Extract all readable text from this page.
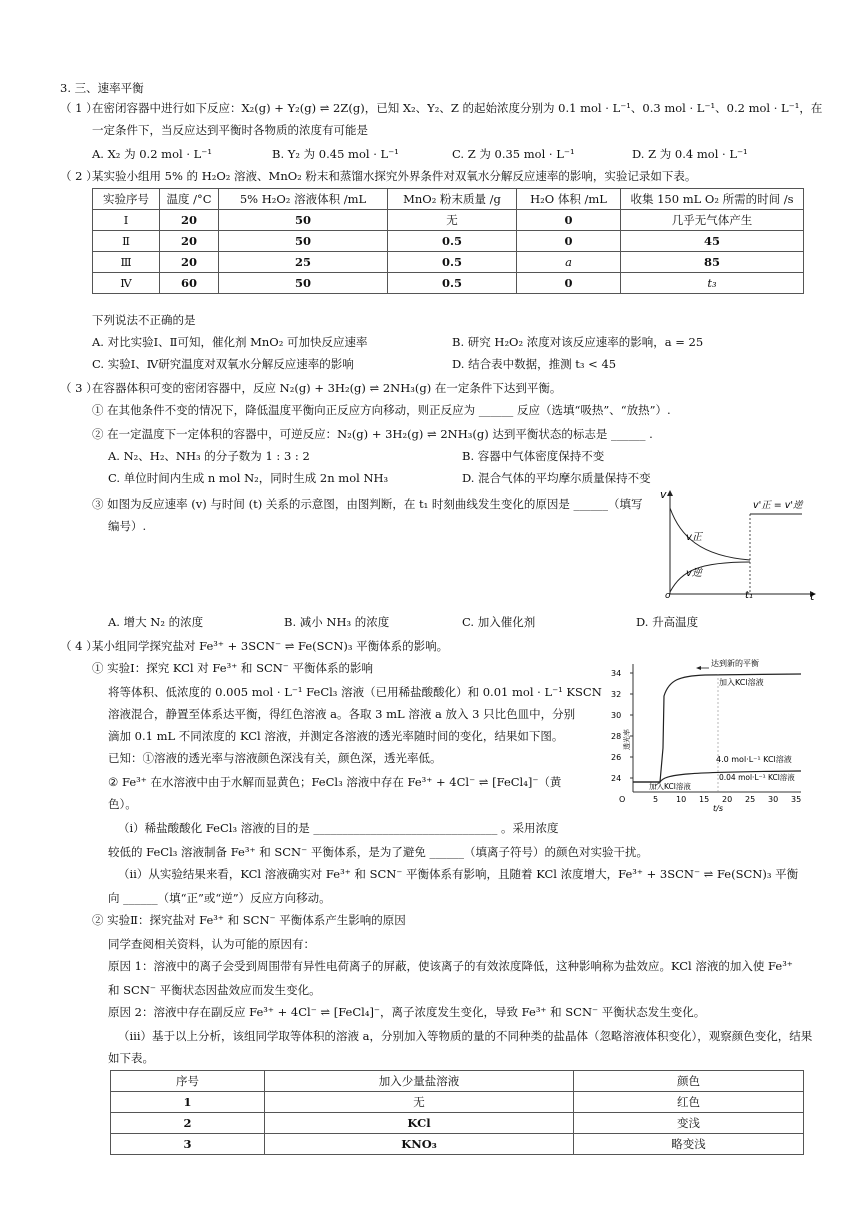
3. 三、速率平衡
（ 1 ）
在密闭容器中进行如下反应：X₂(g) + Y₂(g) ⇌ 2Z(g)，已知 X₂、Y₂、Z 的起始浓度分别为 0.1 mol · L⁻¹、0.3 mol · L⁻¹、0.2 mol · L⁻¹，在
一定条件下，当反应达到平衡时各物质的浓度有可能是
A. X₂ 为 0.2 mol · L⁻¹	B. Y₂ 为 0.45 mol · L⁻¹	C. Z 为 0.35 mol · L⁻¹	D. Z 为 0.4 mol · L⁻¹
（ 2 ）
某实验小组用 5% 的 H₂O₂ 溶液、MnO₂ 粉末和蒸馏水探究外界条件对双氧水分解反应速率的影响，实验记录如下表。
实验序号	温度 /°C	5% H₂O₂ 溶液体积 /mL	MnO₂ 粉末质量 /g	H₂O 体积 /mL	收集 150 mL O₂ 所需的时间 /s
Ⅰ	20	50	无	0	几乎无气体产生
Ⅱ	20	50	0.5	0	45
Ⅲ	20	25	0.5	a	85
Ⅳ	60	50	0.5	0	t₃
下列说法不正确的是
A. 对比实验Ⅰ、Ⅱ可知，催化剂 MnO₂ 可加快反应速率	B. 研究 H₂O₂ 浓度对该反应速率的影响，a = 25
C. 实验Ⅰ、Ⅳ研究温度对双氧水分解反应速率的影响	D. 结合表中数据，推测 t₃ < 45
（ 3 ）
在容器体积可变的密闭容器中，反应 N₂(g) + 3H₂(g) ⇌ 2NH₃(g) 在一定条件下达到平衡。
① 在其他条件不变的情况下，降低温度平衡向正反应方向移动，则正反应为 ______ 反应（选填“吸热”、“放热”）.
② 在一定温度下一定体积的容器中，可逆反应：N₂(g) + 3H₂(g) ⇌ 2NH₃(g) 达到平衡状态的标志是 ______ .
A. N₂、H₂、NH₃ 的分子数为 1 : 3 : 2	B. 容器中气体密度保持不变
C. 单位时间内生成 n mol N₂，同时生成 2n mol NH₃	D. 混合气体的平均摩尔质量保持不变
③ 如图为反应速率 (v) 与时间 (t) 关系的示意图，由图判断，在 t₁ 时刻曲线发生变化的原因是 ______（填写
编号）.
v
t
o	t₁
v正
v逆
v'正 = v'逆
A. 增大 N₂ 的浓度	B. 减小 NH₃ 的浓度	C. 加入催化剂	D. 升高温度
（ 4 ）
某小组同学探究盐对 Fe³⁺ + 3SCN⁻ ⇌ Fe(SCN)₃ 平衡体系的影响。
① 实验Ⅰ：探究 KCl 对 Fe³⁺ 和 SCN⁻ 平衡体系的影响
将等体积、低浓度的 0.005 mol · L⁻¹ FeCl₃ 溶液（已用稀盐酸酸化）和 0.01 mol · L⁻¹ KSCN
溶液混合，静置至体系达平衡，得红色溶液 a。各取 3 mL 溶液 a 放入 3 只比色皿中，分别
滴加 0.1 mL 不同浓度的 KCl 溶液，并测定各溶液的透光率随时间的变化，结果如下图。
已知：①溶液的透光率与溶液颜色深浅有关，颜色深，透光率低。
② Fe³⁺ 在水溶液中由于水解而显黄色；FeCl₃ 溶液中存在 Fe³⁺ + 4Cl⁻ ⇌ [FeCl₄]⁻（黄
色）。
透光率
t/s
24
26
28
30
32
34
O	5 10 15 20 25 30 35
达到新的平衡
加入KCl溶液
4.0 mol·L⁻¹ KCl溶液
0.04 mol·L⁻¹ KCl溶液
加入KCl溶液
（ⅰ）稀盐酸酸化 FeCl₃ 溶液的目的是 ________________________________ 。采用浓度
较低的 FeCl₃ 溶液制备 Fe³⁺ 和 SCN⁻ 平衡体系，是为了避免 ______（填离子符号）的颜色对实验干扰。
（ⅱ）从实验结果来看，KCl 溶液确实对 Fe³⁺ 和 SCN⁻ 平衡体系有影响，且随着 KCl 浓度增大，Fe³⁺ + 3SCN⁻ ⇌ Fe(SCN)₃ 平衡
向 ______（填“正”或“逆”）反应方向移动。
② 实验Ⅱ：探究盐对 Fe³⁺ 和 SCN⁻ 平衡体系产生影响的原因
同学查阅相关资料，认为可能的原因有：
原因 1：溶液中的离子会受到周围带有异性电荷离子的屏蔽，使该离子的有效浓度降低，这种影响称为盐效应。KCl 溶液的加入使 Fe³⁺
和 SCN⁻ 平衡状态因盐效应而发生变化。
原因 2：溶液中存在副反应 Fe³⁺ + 4Cl⁻ ⇌ [FeCl₄]⁻，离子浓度发生变化，导致 Fe³⁺ 和 SCN⁻ 平衡状态发生变化。
（ⅲ）基于以上分析，该组同学取等体积的溶液 a，分别加入等物质的量的不同种类的盐晶体（忽略溶液体积变化），观察颜色变化，结果
如下表。
序号	加入少量盐溶液	颜色
1	无	红色
2	KCl	变浅
3	KNO₃	略变浅
